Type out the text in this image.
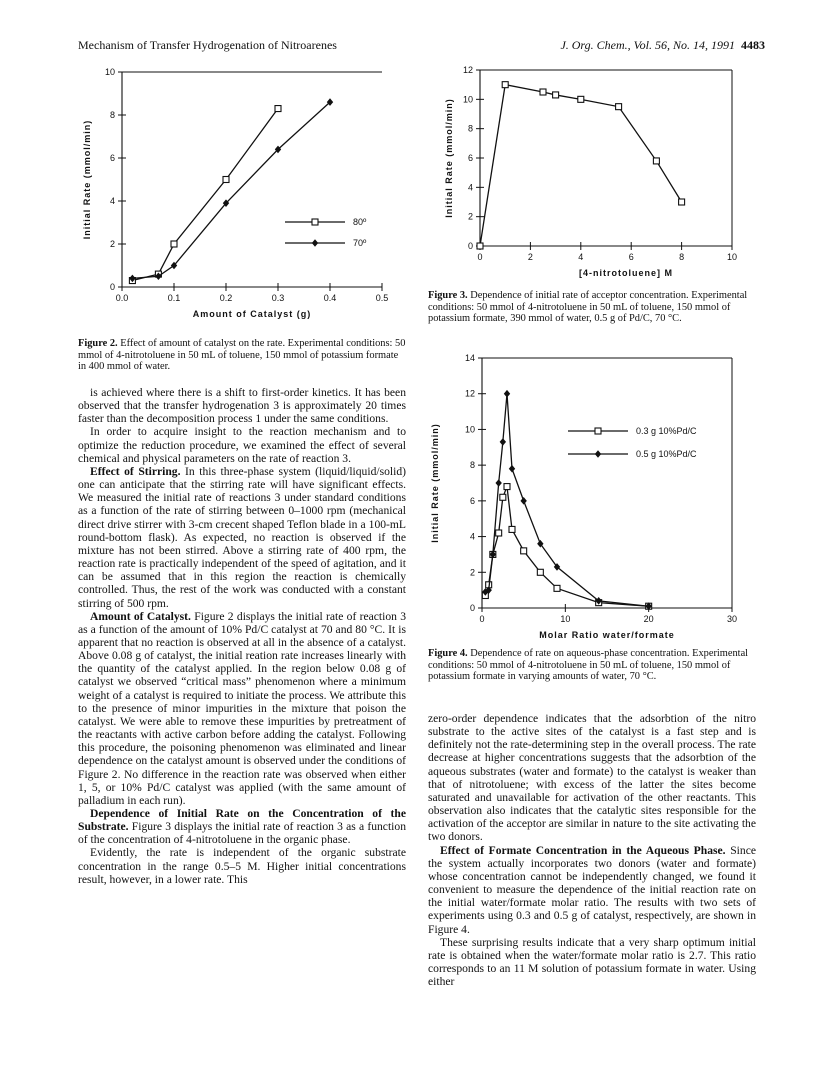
Mechanism of Transfer Hydrogenation of Nitroarenes	J. Org. Chem., Vol. 56, No. 14, 1991 4483
0
2
4
6
8
10
0.0	0.1	0.2	0.3	0.4	0.5
Amount of Catalyst (g)
Initial Rate (mmol/min)	80º
70º

Figure 2. Effect of amount of catalyst on the rate. Experimental conditions: 50 mmol of 4-nitrotoluene in 50 mL of toluene, 150 mmol of potassium formate in 400 mmol of water.

0
2
4
6
8
10
12
0	2	4	6	8	10
[4-nitrotoluene] M
Initial Rate (mmol/min)

Figure 3. Dependence of initial rate of acceptor concentration. Experimental conditions: 50 mmol of 4-nitrotoluene in 50 mL of toluene, 150 mmol of potassium formate, 390 mmol of water, 0.5 g of Pd/C, 70 °C.

0
2
4
6
8
10
12
14
0	10	20	30
Molar Ratio water/formate
Initial Rate (mmol/min)	0.3 g 10%Pd/C
0.5 g 10%Pd/C

Figure 4. Dependence of rate on aqueous-phase concentration. Experimental conditions: 50 mmol of 4-nitrotoluene in 50 mL of toluene, 150 mmol of potassium formate in varying amounts of water, 70 °C.

is achieved where there is a shift to first-order kinetics. It has been observed that the transfer hydrogenation 3 is approximately 20 times faster than the decomposition process 1 under the same conditions.

In order to acquire insight to the reaction mechanism and to optimize the reduction procedure, we examined the effect of several chemical and physical parameters on the rate of reaction 3.

Effect of Stirring. In this three-phase system (liquid/liquid/solid) one can anticipate that the stirring rate will have significant effects. We measured the initial rate of reactions 3 under standard conditions as a function of the rate of stirring between 0–1000 rpm (mechanical direct drive stirrer with 3-cm crecent shaped Teflon blade in a 100-mL round-bottom flask). As expected, no reaction is observed if the mixture has not been stirred. Above a stirring rate of 400 rpm, the reaction rate is practically independent of the speed of agitation, and it can be assumed that in this region the reaction is chemically controlled. Thus, the rest of the work was conducted with a constant stirring of 500 rpm.

Amount of Catalyst. Figure 2 displays the initial rate of reaction 3 as a function of the amount of 10% Pd/C catalyst at 70 and 80 °C. It is apparent that no reaction is observed at all in the absence of a catalyst. Above 0.08 g of catalyst, the initial reation rate increases linearly with the quantity of the catalyst applied. In the region below 0.08 g of catalyst we observed “critical mass” phenomenon where a minimum weight of a catalyst is required to initiate the process. We attribute this to the presence of minor impurities in the mixture that poison the catalyst. We were able to remove these impurities by pretreatment of the reactants with active carbon before adding the catalyst. Following this procedure, the poisoning phenomenon was eliminated and linear dependence on the catalyst amount is observed under the conditions of Figure 2. No difference in the reaction rate was observed when either 1, 5, or 10% Pd/C catalyst was applied (with the same amount of palladium in each run).

Dependence of Initial Rate on the Concentration of the Substrate. Figure 3 displays the initial rate of reaction 3 as a function of the concentration of 4-nitrotoluene in the organic phase.

Evidently, the rate is independent of the organic substrate concentration in the range 0.5–5 M. Higher initial concentrations result, however, in a lower rate. This

zero-order dependence indicates that the adsorbtion of the nitro substrate to the active sites of the catalyst is a fast step and is definitely not the rate-determining step in the overall process. The rate decrease at higher concentrations suggests that the adsorbtion of the aqueous substrates (water and formate) to the catalyst is weaker than that of nitrotoluene; with excess of the latter the sites become saturated and unavailable for activation of the other reactants. This observation also indicates that the catalytic sites responsible for the activation of the acceptor are similar in nature to the site activating the two donors.

Effect of Formate Concentration in the Aqueous Phase. Since the system actually incorporates two donors (water and formate) whose concentration cannot be independently changed, we found it convenient to measure the dependence of the initial reaction rate on the initial water/formate molar ratio. The results with two sets of experiments using 0.3 and 0.5 g of catalyst, respectively, are shown in Figure 4.

These surprising results indicate that a very sharp optimum initial rate is obtained when the water/formate molar ratio is 2.7. This ratio corresponds to an 11 M solution of potassium formate in water. Using either
